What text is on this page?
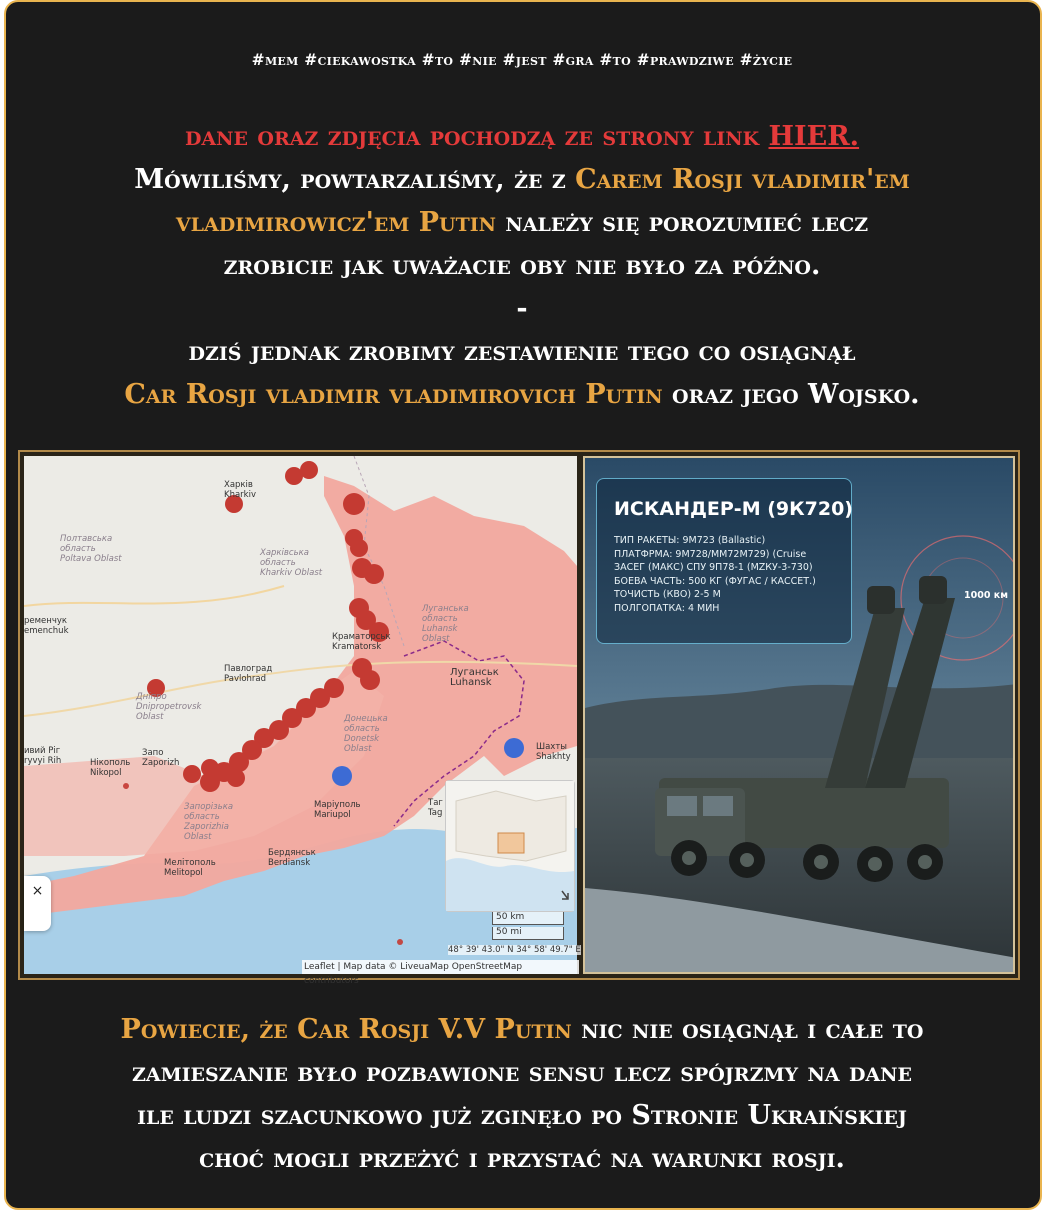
#mem #ciekawostka #to #nie #jest #gra #to #prawdziwe #życie
dane oraz zdjęcia pochodzą ze strony link HIER.
Mówiliśmy, powtarzaliśmy, że z Carem Rosji vladimir'em
vladimirowicz'em Putin należy się porozumieć lecz
zrobicie jak uważacie oby nie było za późno.
-
dziś jednak zrobimy zestawienie tego co osiągnął
Car Rosji vladimir vladimirovich Putin oraz jego Wojsko.
Харків
Kharkiv
Харківська
область
Kharkiv Oblast
Полтавська
область
Poltava Oblast
Луганська
область
Luhansk
Oblast
Краматорськ
Kramatorsk
Луганськ
Luhansk
Павлоград
Pavlohrad
Дніпро
Dnipropetrovsk
Oblast	Донецька
область
Donetsk
Oblast
ивий Ріг
ryvyi Rih	Нікополь
Nikopol
Запо
Zaporizh
Запорізька
область
Zaporizhia
Oblast
Маріуполь
Mariupol
Бердянськ
Berdiansk
Мелітополь
Melitopol
Шахты
Shakhty
Таг
Tag
ременчук
emenchuk
50 km
50 mi
48° 39' 43.0" N 34° 58' 49.7" E
Leaflet | Map data © LiveuaMap OpenStreetMap contributors
×
ИСКАНДЕР-М (9К720)
ТИП РАКЕТЫ: 9М723 (Ballastic)
ПЛАТФРМА: 9М728/ММ72М729) (Cruise
ЗАСЕГ (МАКС) СПУ 9П78-1 (МZКУ-3-730)
БОЕВА ЧАСТЬ: 500 КГ (ФУГАС / КАССЕТ.)
ТОЧИСТЬ (КВО) 2-5 М
ПОЛГОПАТКА: 4 МИН
1000 км
Powiecie, że Car Rosji V.V Putin nic nie osiągnął i całe to
zamieszanie było pozbawione sensu lecz spójrzmy na dane
ile ludzi szacunkowo już zginęło po Stronie Ukraińskiej
choć mogli przeżyć i przystać na warunki rosji.
